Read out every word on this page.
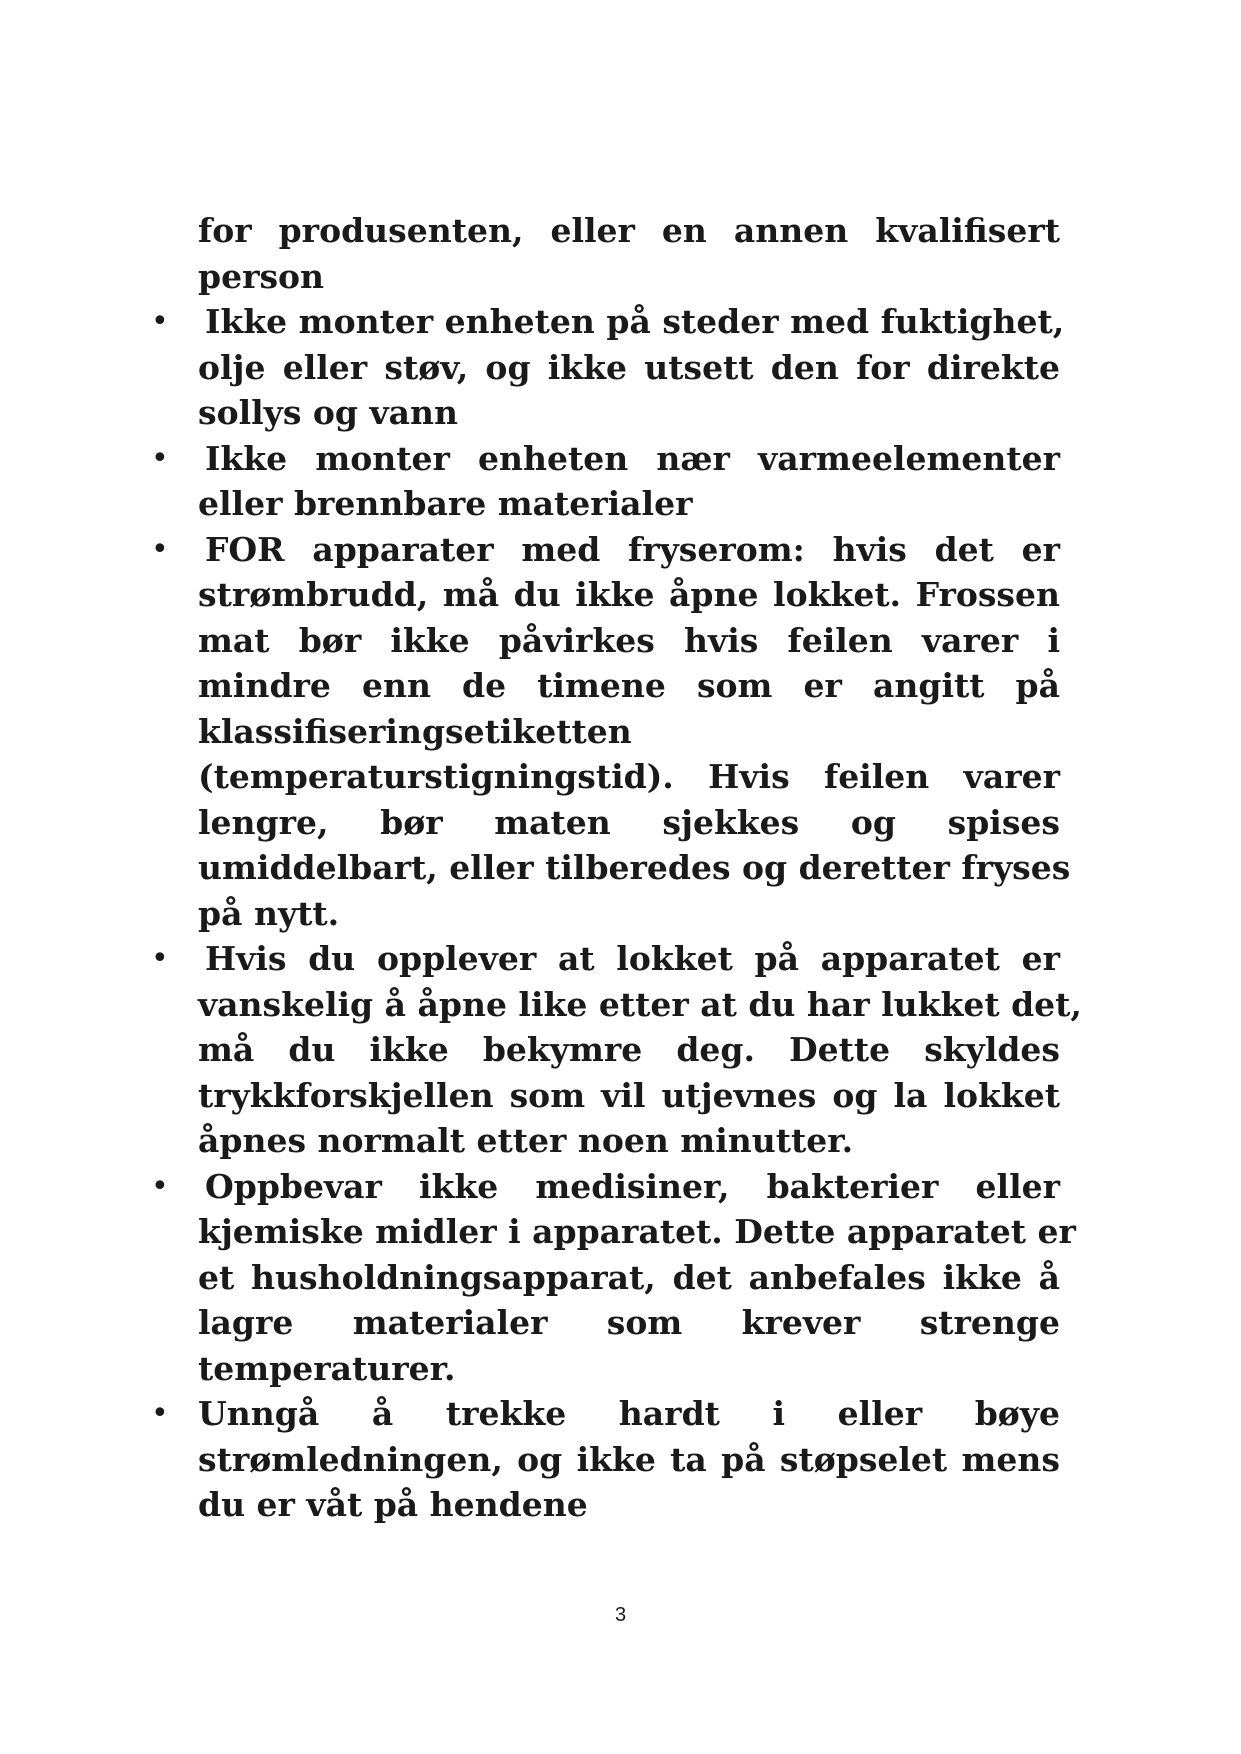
for produsenten, eller en annen kvalifisert
person
• Ikke monter enheten på steder med fuktighet,
olje eller støv, og ikke utsett den for direkte
sollys og vann
• Ikke monter enheten nær varmeelementer
eller brennbare materialer
• FOR apparater med fryserom: hvis det er
strømbrudd, må du ikke åpne lokket. Frossen
mat bør ikke påvirkes hvis feilen varer i
mindre enn de timene som er angitt på
klassifiseringsetiketten
(temperaturstigningstid). Hvis feilen varer
lengre, bør maten sjekkes og spises
umiddelbart, eller tilberedes og deretter fryses
på nytt.
• Hvis du opplever at lokket på apparatet er
vanskelig å åpne like etter at du har lukket det,
må du ikke bekymre deg. Dette skyldes
trykkforskjellen som vil utjevnes og la lokket
åpnes normalt etter noen minutter.
• Oppbevar ikke medisiner, bakterier eller
kjemiske midler i apparatet. Dette apparatet er
et husholdningsapparat, det anbefales ikke å
lagre materialer som krever strenge
temperaturer.
• Unngå å trekke hardt i eller bøye
strømledningen, og ikke ta på støpselet mens
du er våt på hendene
3
